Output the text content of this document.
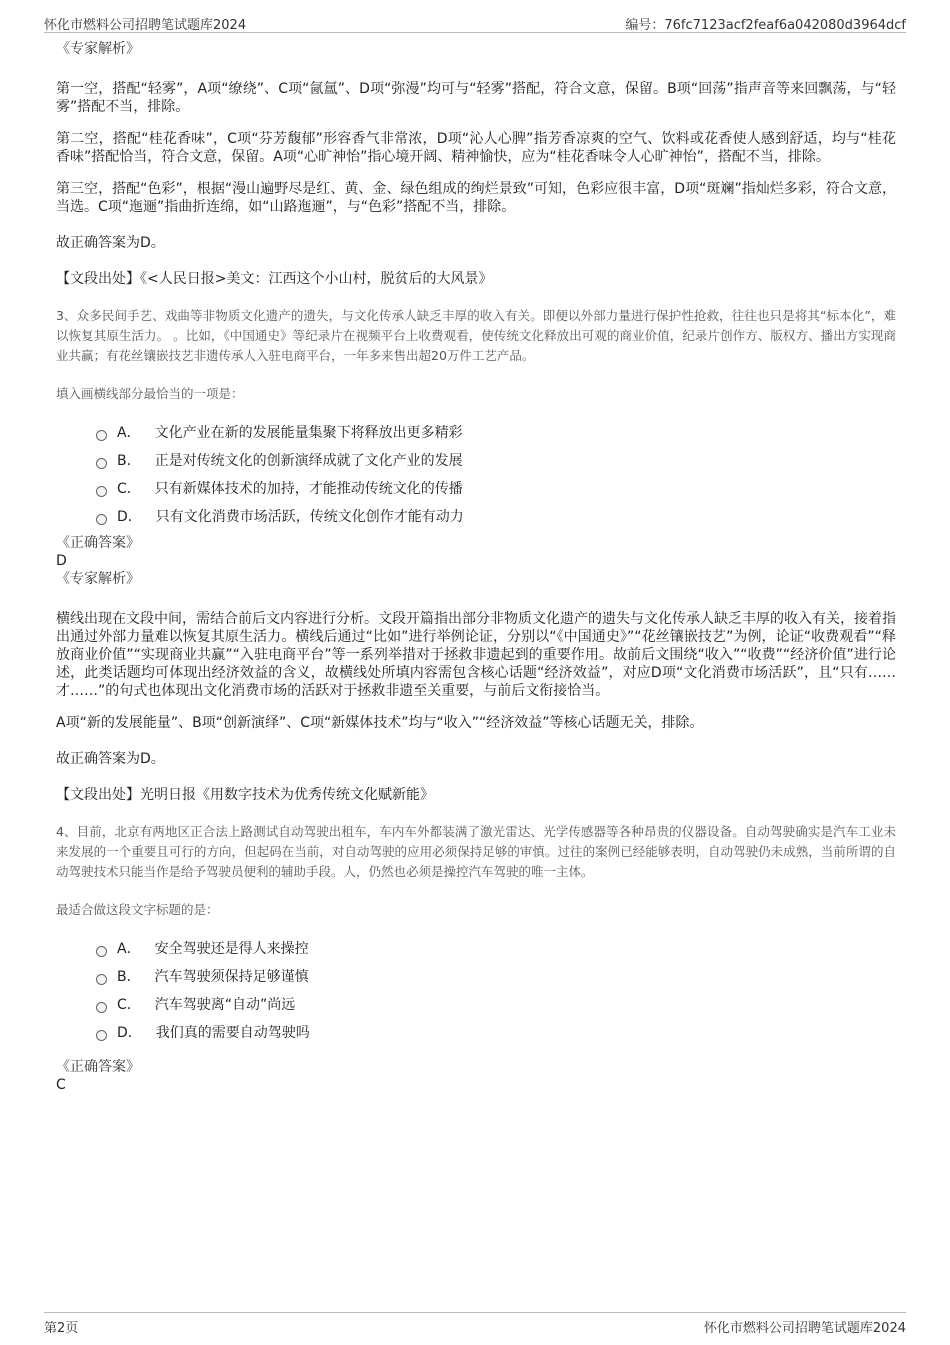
怀化市燃料公司招聘笔试题库2024	编号：76fc7123acf2feaf6a042080d3964dcf

《专家解析》

第一空，搭配“轻雾”，A项“缭绕”、C项“氤氲”、D项“弥漫”均可与“轻雾”搭配，符合文意，保留。B项“回荡”指声音等来回飘荡，与“轻雾”搭配不当，排除。

第二空，搭配“桂花香味”，C项“芬芳馥郁”形容香气非常浓，D项“沁人心脾”指芳香凉爽的空气、饮料或花香使人感到舒适，均与“桂花香味”搭配恰当，符合文意，保留。A项“心旷神怡”指心境开阔、精神愉快，应为“桂花香味令人心旷神怡”，搭配不当，排除。

第三空，搭配“色彩”，根据“漫山遍野尽是红、黄、金、绿色组成的绚烂景致”可知，色彩应很丰富，D项“斑斓”指灿烂多彩，符合文意，当选。C项“迤逦”指曲折连绵，如“山路迤逦”，与“色彩”搭配不当，排除。

故正确答案为D。

【文段出处】《<人民日报>美文：江西这个小山村，脱贫后的大风景》

3、众多民间手艺、戏曲等非物质文化遗产的遗失，与文化传承人缺乏丰厚的收入有关。即便以外部力量进行保护性抢救，往往也只是将其“标本化”，难以恢复其原生活力。 。比如，《中国通史》等纪录片在视频平台上收费观看，使传统文化释放出可观的商业价值，纪录片创作方、版权方、播出方实现商业共赢；有花丝镶嵌技艺非遗传承人入驻电商平台，一年多来售出超20万件工艺产品。

填入画横线部分最恰当的一项是：

A． 文化产业在新的发展能量集聚下将释放出更多精彩
B． 正是对传统文化的创新演绎成就了文化产业的发展
C． 只有新媒体技术的加持，才能推动传统文化的传播
D． 只有文化消费市场活跃，传统文化创作才能有动力

《正确答案》

D

《专家解析》

横线出现在文段中间，需结合前后文内容进行分析。文段开篇指出部分非物质文化遗产的遗失与文化传承人缺乏丰厚的收入有关，接着指出通过外部力量难以恢复其原生活力。横线后通过“比如”进行举例论证，分别以“《中国通史》”“花丝镶嵌技艺”为例，论证“收费观看”“释放商业价值”“实现商业共赢”“入驻电商平台”等一系列举措对于拯救非遗起到的重要作用。故前后文围绕“收入”“收费”“经济价值”进行论述，此类话题均可体现出经济效益的含义，故横线处所填内容需包含核心话题“经济效益”，对应D项“文化消费市场活跃”，且“只有……才……”的句式也体现出文化消费市场的活跃对于拯救非遗至关重要，与前后文衔接恰当。

A项“新的发展能量”、B项“创新演绎”、C项“新媒体技术”均与“收入”“经济效益”等核心话题无关，排除。

故正确答案为D。

【文段出处】光明日报《用数字技术为优秀传统文化赋新能》

4、目前，北京有两地区正合法上路测试自动驾驶出租车，车内车外都装满了激光雷达、光学传感器等各种昂贵的仪器设备。自动驾驶确实是汽车工业未来发展的一个重要且可行的方向，但起码在当前，对自动驾驶的应用必须保持足够的审慎。过往的案例已经能够表明，自动驾驶仍未成熟，当前所谓的自动驾驶技术只能当作是给予驾驶员便利的辅助手段。人，仍然也必须是操控汽车驾驶的唯一主体。

最适合做这段文字标题的是：

A． 安全驾驶还是得人来操控
B． 汽车驾驶须保持足够谨慎
C． 汽车驾驶离“自动”尚远
D． 我们真的需要自动驾驶吗

《正确答案》

C

第2页	怀化市燃料公司招聘笔试题库2024
